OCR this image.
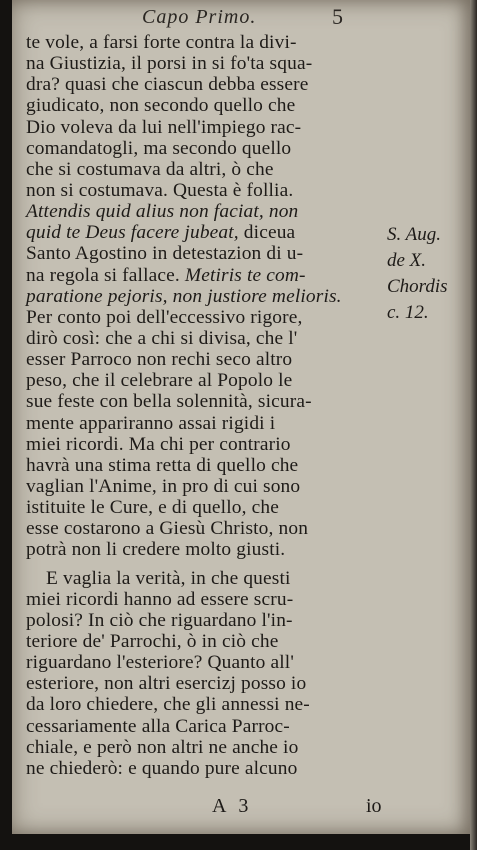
Capo Primo.	5
te vole, a farsi forte contra la divi-
na Giustizia, il porsi in si fo'ta squa-
dra? quasi che ciascun debba essere
giudicato, non secondo quello che
Dio voleva da lui nell'impiego rac-
comandatogli, ma secondo quello
che si costumava da altri, ò che
non si costumava. Questa è follia.
Attendis quid alius non faciat, non
quid te Deus facere jubeat, diceua
Santo Agostino in detestazion di u-
na regola si fallace. Metiris te com-
paratione pejoris, non justiore melioris.
Per conto poi dell'eccessivo rigore,
dirò così: che a chi si divisa, che l'
esser Parroco non rechi seco altro
peso, che il celebrare al Popolo le
sue feste con bella solennità, sicura-
mente appariranno assai rigidi i
miei ricordi. Ma chi per contrario
havrà una stima retta di quello che
vaglian l'Anime, in pro di cui sono
istituite le Cure, e di quello, che
esse costarono a Giesù Christo, non
potrà non li credere molto giusti.
E vaglia la verità, in che questi
miei ricordi hanno ad essere scru-
polosi? In ciò che riguardano l'in-
teriore de' Parrochi, ò in ciò che
riguardano l'esteriore? Quanto all'
esteriore, non altri esercizj posso io
da loro chiedere, che gli annessi ne-
cessariamente alla Carica Parroc-
chiale, e però non altri ne anche io
ne chiederò: e quando pure alcuno
S. Aug.
de X.
Chordis
c. 12.
A 3	io
